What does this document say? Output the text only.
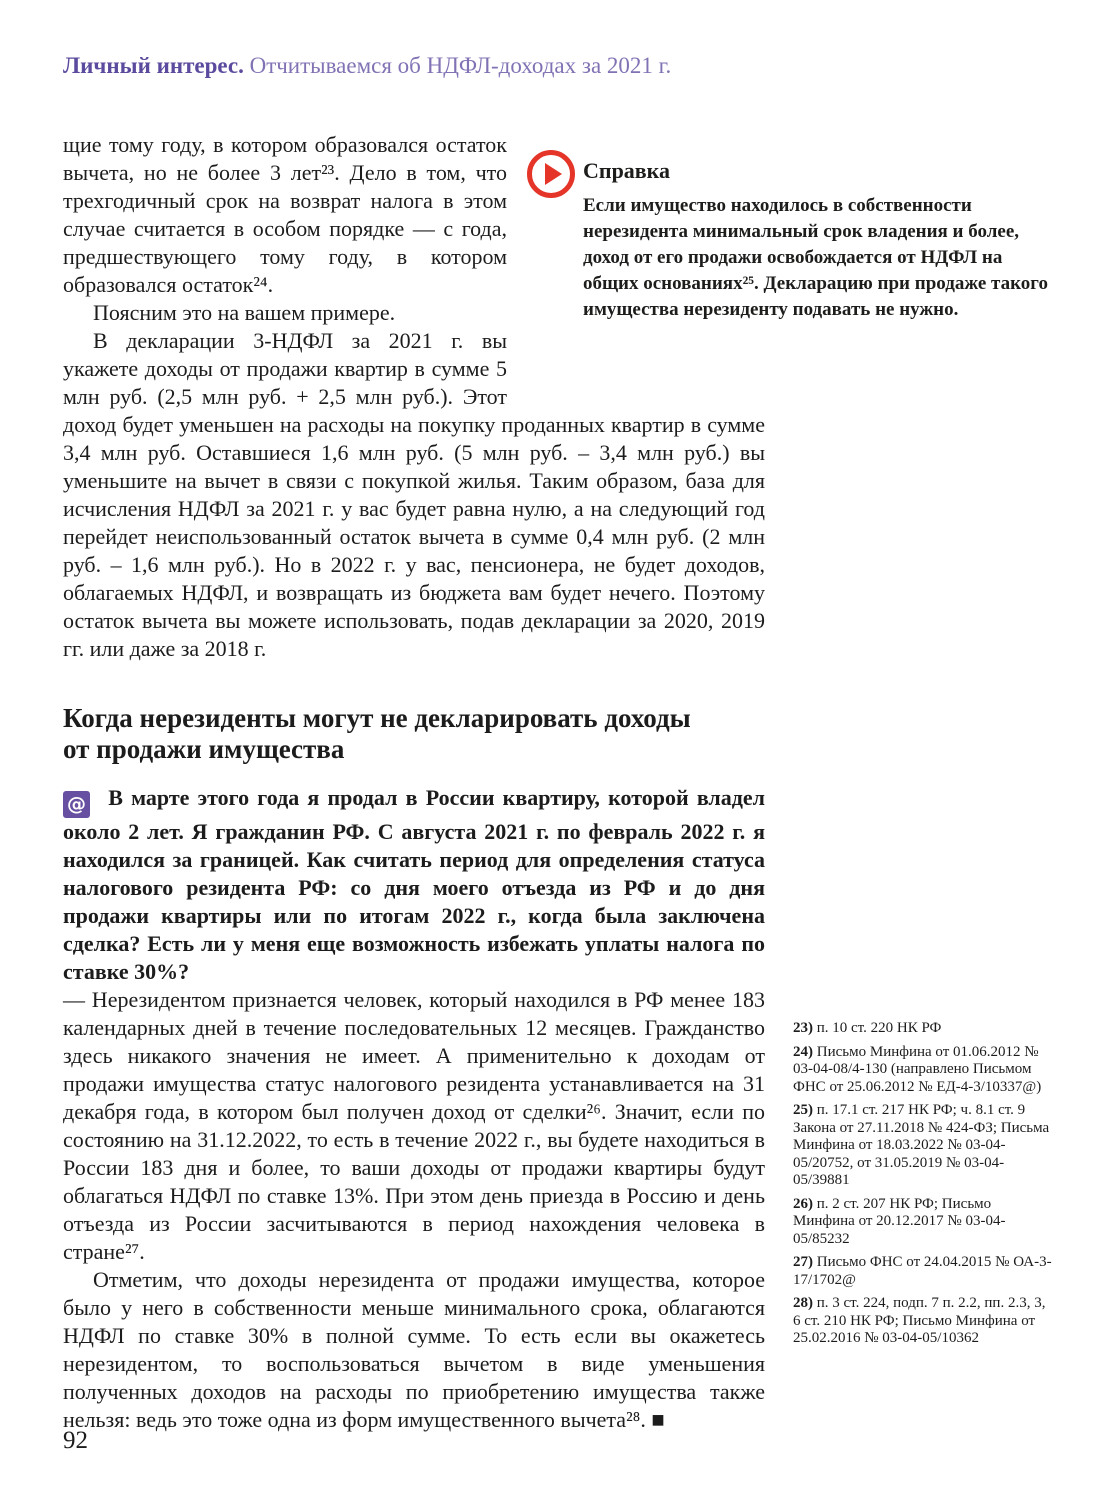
Личный интерес. Отчитываемся об НДФЛ-доходах за 2021 г.

щие тому году, в котором образовался остаток вычета, но не более 3 лет²³. Дело в том, что трехгодичный срок на возврат налога в этом случае считается в особом порядке — с года, предшествующего тому году, в котором образовался остаток²⁴.

Поясним это на вашем примере.

В декларации 3-НДФЛ за 2021 г. вы укажете доходы от продажи квартир в сумме 5 млн руб. (2,5 млн руб. + 2,5 млн руб.). Этот доход будет уменьшен на расходы на покупку проданных квартир в сумме 3,4 млн руб. Оставшиеся 1,6 млн руб. (5 млн руб. – 3,4 млн руб.) вы уменьшите на вычет в связи с покупкой жилья. Таким образом, база для исчисления НДФЛ за 2021 г. у вас будет равна нулю, а на следующий год перейдет неиспользованный остаток вычета в сумме 0,4 млн руб. (2 млн руб. – 1,6 млн руб.). Но в 2022 г. у вас, пенсионера, не будет доходов, облагаемых НДФЛ, и возвращать из бюджета вам будет нечего. Поэтому остаток вычета вы можете использовать, подав декларации за 2020, 2019 гг. или даже за 2018 г.

Когда нерезиденты могут не декларировать доходы от продажи имущества

@ В марте этого года я продал в России квартиру, которой владел около 2 лет. Я гражданин РФ. С августа 2021 г. по февраль 2022 г. я находился за границей. Как считать период для определения статуса налогового резидента РФ: со дня моего отъезда из РФ и до дня продажи квартиры или по итогам 2022 г., когда была заключена сделка? Есть ли у меня еще возможность избежать уплаты налога по ставке 30%?

— Нерезидентом признается человек, который находился в РФ менее 183 календарных дней в течение последовательных 12 месяцев. Гражданство здесь никакого значения не имеет. А применительно к доходам от продажи имущества статус налогового резидента устанавливается на 31 декабря года, в котором был получен доход от сделки²⁶. Значит, если по состоянию на 31.12.2022, то есть в течение 2022 г., вы будете находиться в России 183 дня и более, то ваши доходы от продажи квартиры будут облагаться НДФЛ по ставке 13%. При этом день приезда в Россию и день отъезда из России засчитываются в период нахождения человека в стране²⁷.

Отметим, что доходы нерезидента от продажи имущества, которое было у него в собственности меньше минимального срока, облагаются НДФЛ по ставке 30% в полной сумме. То есть если вы окажетесь нерезидентом, то воспользоваться вычетом в виде уменьшения полученных доходов на расходы по приобретению имущества также нельзя: ведь это тоже одна из форм имущественного вычета²⁸. ■

Справка
Если имущество находилось в собственности нерезидента минимальный срок владения и более, доход от его продажи освобождается от НДФЛ на общих основаниях²⁵. Декларацию при продаже такого имущества нерезиденту подавать не нужно.
23) п. 10 ст. 220 НК РФ
24) Письмо Минфина от 01.06.2012 № 03-04-08/4-130 (направлено Письмом ФНС от 25.06.2012 № ЕД-4-3/10337@)
25) п. 17.1 ст. 217 НК РФ; ч. 8.1 ст. 9 Закона от 27.11.2018 № 424-ФЗ; Письма Минфина от 18.03.2022 № 03-04-05/20752, от 31.05.2019 № 03-04-05/39881
26) п. 2 ст. 207 НК РФ; Письмо Минфина от 20.12.2017 № 03-04-05/85232
27) Письмо ФНС от 24.04.2015 № ОА-3-17/1702@
28) п. 3 ст. 224, подп. 7 п. 2.2, пп. 2.3, 3, 6 ст. 210 НК РФ; Письмо Минфина от 25.02.2016 № 03-04-05/10362
92
